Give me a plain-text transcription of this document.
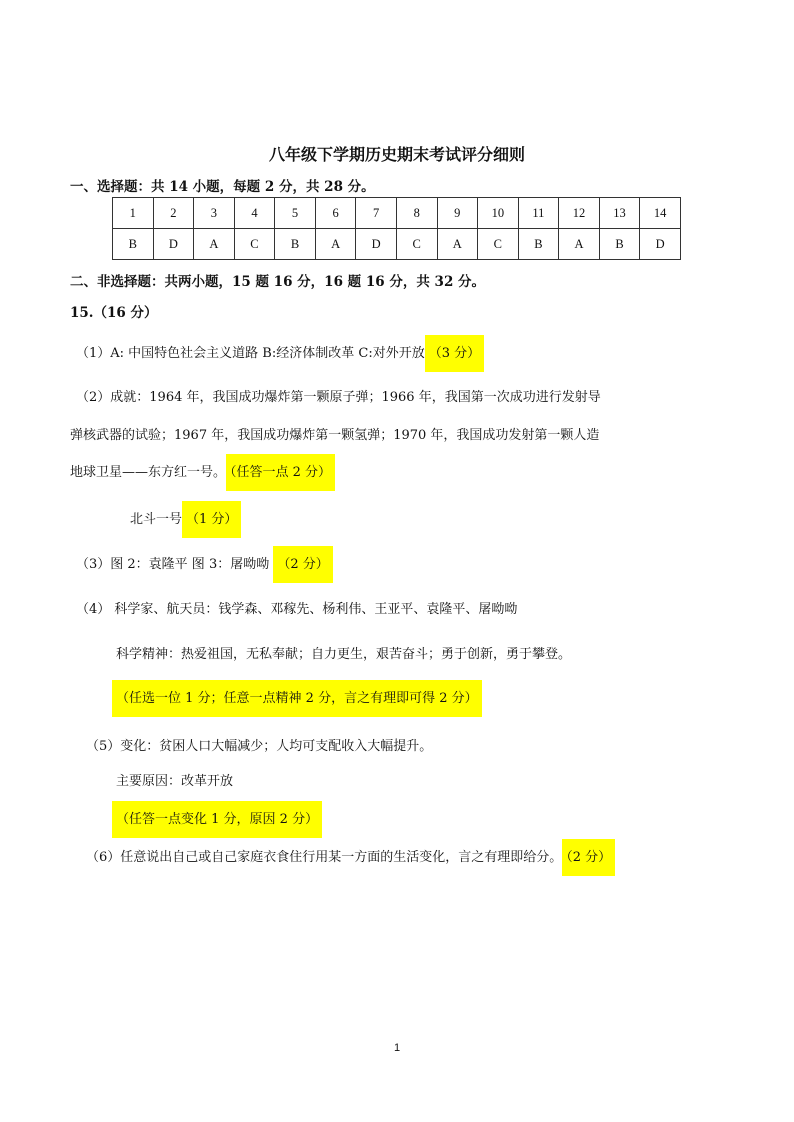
八年级下学期历史期末考试评分细则
一、选择题：共 14 小题，每题 2 分，共 28 分。
1	2	3	4	5	6	7	8	9	10	11	12	13	14
B	D	A	C	B	A	D	C	A	C	B	A	B	D
二、非选择题：共两小题，15 题 16 分，16 题 16 分，共 32 分。
15.（16 分）
（1）A: 中国特色社会主义道路 B:经济体制改革 C:对外开放 （3 分）
（2）成就：1964 年，我国成功爆炸第一颗原子弹；1966 年，我国第一次成功进行发射导
弹核武器的试验；1967 年，我国成功爆炸第一颗氢弹；1970 年，我国成功发射第一颗人造
地球卫星——东方红一号。 （任答一点 2 分）
北斗一号 （1 分）
（3）图 2：袁隆平 图 3：屠呦呦 （2 分）
（4） 科学家、航天员：钱学森、邓稼先、杨利伟、王亚平、袁隆平、屠呦呦
科学精神：热爱祖国，无私奉献；自力更生，艰苦奋斗；勇于创新，勇于攀登。
（任选一位 1 分；任意一点精神 2 分，言之有理即可得 2 分）
（5）变化：贫困人口大幅减少；人均可支配收入大幅提升。
主要原因：改革开放
（任答一点变化 1 分，原因 2 分）
（6）任意说出自己或自己家庭衣食住行用某一方面的生活变化，言之有理即给分。 （2 分）
1
